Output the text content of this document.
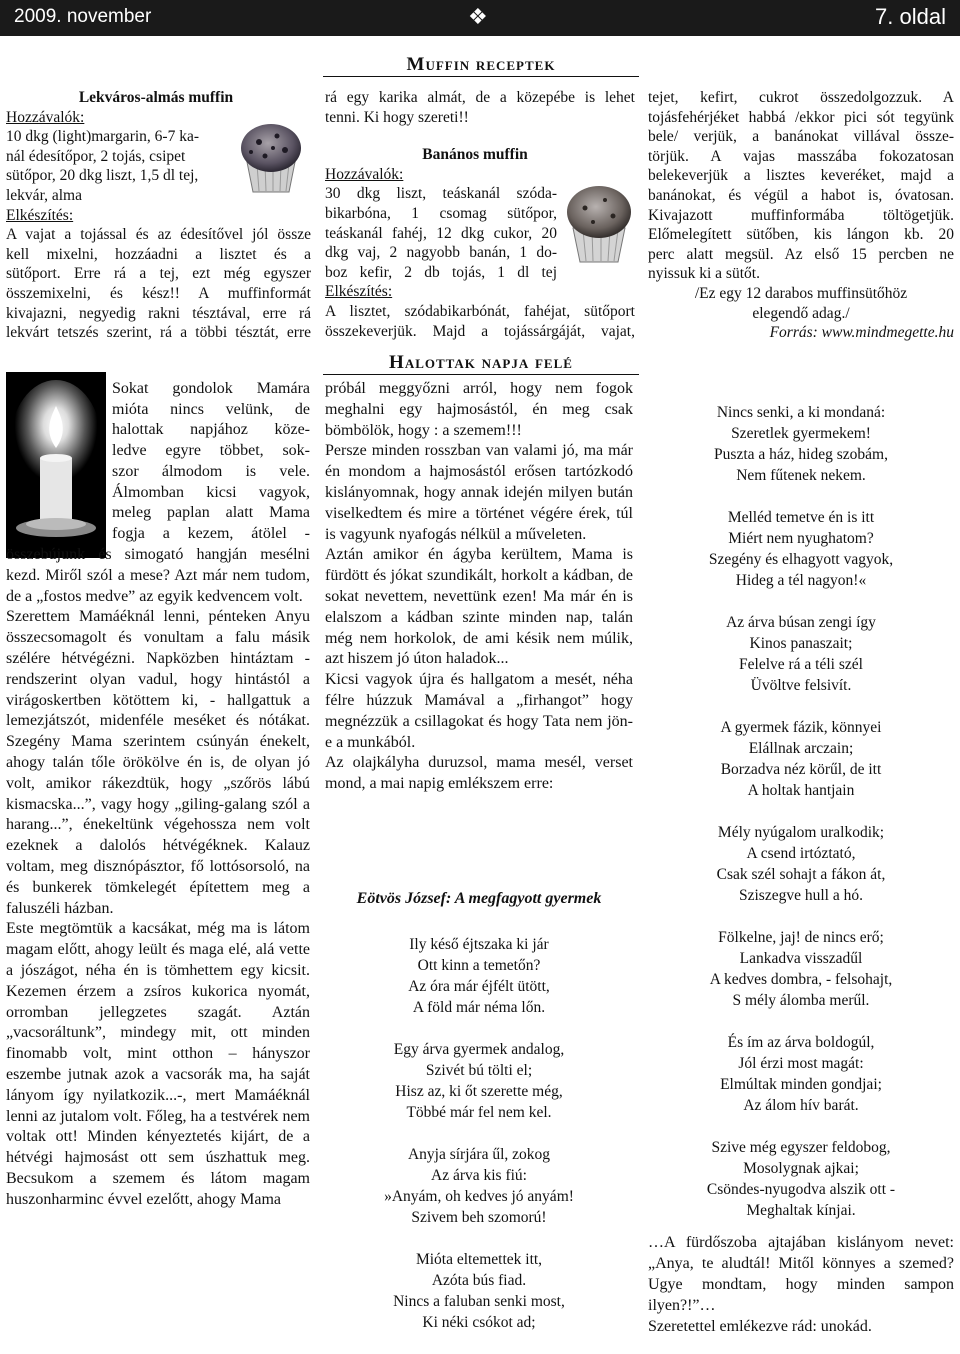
2009. november	❖	7. oldal
Muffin receptek

Lekváros-almás muffin

Hozzávalók:

10 dkg (light)margarin, 6-7 ka-

nál édesítőpor, 2 tojás, csipet

sütőpor, 20 dkg liszt, 1,5 dl tej,

lekvár, alma

Elkészítés:

A vajat a tojással és az édesítővel jól össze

kell mixelni, hozzáadni a lisztet és a

sütőport. Erre rá a tej, ezt még egyszer

összemixelni, és kész!! A muffinformát

kivajazni, negyedig rakni tésztával, erre rá

lekvárt tetszés szerint, rá a többi tésztát, erre

rá egy karika almát, de a közepébe is lehet

tenni. Ki hogy szereti!!

Banános muffin

Hozzávalók:

30 dkg liszt, teáskanál szóda-

bikarbóna, 1 csomag sütőpor,

teáskanál fahéj, 12 dkg cukor, 20

dkg vaj, 2 nagyobb banán, 1 do-

boz kefir, 2 db tojás, 1 dl tej

Elkészítés:

A lisztet, szódabikarbónát, fahéjat, sütőport

összekeverjük. Majd a tojássárgáját, vajat,

tejet, kefirt, cukrot összedolgozzuk. A

tojásfehérjéket habbá /ekkor pici sót tegyünk

bele/ verjük, a banánokat villával össze-

törjük. A vajas masszába fokozatosan

belekeverjük a lisztes keveréket, majd a

banánokat, és végül a habot is, óvatosan.

Kivajazott muffinformába töltögetjük.

Előmelegített sütőben, kis lángon kb. 20

perc alatt megsül. Az első 15 percben ne

nyissuk ki a sütőt.

/Ez egy 12 darabos muffinsütőhöz

elegendő adag./

Forrás: www.mindmegette.hu

Halottak napja felé

Sokat gondolok Mamára

mióta nincs velünk, de

halottak napjához köze-

ledve egyre többet, sok-

szor álmodom is vele.

Álmomban kicsi vagyok,

meleg paplan alatt Mama

fogja a kezem, átölel -

összebújunk és simogató hangján mesélni kezd. Miről szól a mese? Azt már nem tudom, de a „fostos medve” az egyik kedvencem volt.

Szerettem Mamáéknál lenni, pénteken Anyu összecsomagolt és vonultam a falu másik szélére hétvégézni. Napközben hintáztam - rendszerint olyan vadul, hogy hintástól a virágoskertben kötöttem ki, - hallgattuk a lemezjátszót, midenféle meséket és nótákat. Szegény Mama szerintem csúnyán énekelt, ahogy talán tőle örökölve én is, de olyan jó volt, amikor rákezdtük, hogy „szőrös lábú kismacska...”, vagy hogy „giling-galang szól a harang...”, énekeltünk végehossza nem volt ezeknek a dalolós hétvégéknek. Kalauz voltam, meg disznópásztor, fő lottósorsoló, na és bunkerek tömkelegét építettem meg a faluszéli házban.

Este megtömtük a kacsákat, még ma is látom magam előtt, ahogy leült és maga elé, alá vette a jószágot, néha én is tömhettem egy kicsit. Kezemen érzem a zsíros kukorica nyomát, orromban jellegzetes szagát. Aztán „vacsoráltunk”, mindegy mit, ott minden finomabb volt, mint otthon – hányszor eszembe jutnak azok a vacsorák ma, ha saját lányom így nyilatkozik...-, mert Mamáéknál lenni az jutalom volt. Főleg, ha a testvérek nem voltak ott! Minden kényeztetés kijárt, de a hétvégi hajmosást ott sem úszhattuk meg. Becsukom a szemem és látom magam huszonharminc évvel ezelőtt, ahogy Mama

próbál meggyőzni arról, hogy nem fogok meghalni egy hajmosástól, én meg csak bömbölök, hogy : a szemem!!!

Persze minden rosszban van valami jó, ma már én mondom a hajmosástól erősen tartózkodó kislányomnak, hogy annak idején milyen bután viselkedtem és mire a történet végére érek, túl is vagyunk nyafogás nélkül a műveleten.

Aztán amikor én ágyba kerültem, Mama is fürdött és jókat szundikált, horkolt a kádban, de sokat nevettem, nevettünk ezen! Ma már én is elalszom a kádban szinte minden nap, talán még nem horkolok, de ami késik nem múlik, azt hiszem jó úton haladok...

Kicsi vagyok újra és hallgatom a mesét, néha félre húzzuk Mamával a „firhangot” hogy megnézzük a csillagokat és hogy Tata nem jön-e a munkából.

Az olajkályha duruzsol, mama mesél, verset mond, a mai napig emlékszem erre:

Eötvös József: A megfagyott gyermek

Ily késő éjtszaka ki jár

Ott kinn a temetőn?

Az óra már éjfélt ütött,

A föld már néma lőn.

Egy árva gyermek andalog,

Szivét bú tölti el;

Hisz az, ki őt szerette még,

Többé már fel nem kel.

Anyja sírjára űl, zokog

Az árva kis fiú:

»Anyám, oh kedves jó anyám!

Szivem beh szomorú!

Mióta eltemettek itt,

Azóta bús fiad.

Nincs a faluban senki most,

Ki néki csókot ad;

Nincs senki, a ki mondaná:

Szeretlek gyermekem!

Puszta a ház, hideg szobám,

Nem fűtenek nekem.

Melléd temetve én is itt

Miért nem nyughatom?

Szegény és elhagyott vagyok,

Hideg a tél nagyon!«

Az árva búsan zengi így

Kinos panaszait;

Felelve rá a téli szél

Üvöltve felsivít.

A gyermek fázik, könnyei

Elállnak arczain;

Borzadva néz körűl, de itt

A holtak hantjain

Mély nyúgalom uralkodik;

A csend irtóztató,

Csak szél sohajt a fákon át,

Sziszegve hull a hó.

Fölkelne, jaj! de nincs erő;

Lankadva visszadűl

A kedves dombra, - felsohajt,

S mély álomba merűl.

És ím az árva boldogúl,

Jól érzi most magát:

Elmúltak minden gondjai;

Az álom hív barát.

Szive még egyszer feldobog,

Mosolygnak ajkai;

Csöndes-nyugodva alszik ott -

Meghaltak kínjai.

…A fürdőszoba ajtajában kislányom nevet: „Anya, te aludtál! Mitől könnyes a szemed? Ugye mondtam, hogy minden sampon ilyen?!”…

Szeretettel emlékezve rád: unokád.
